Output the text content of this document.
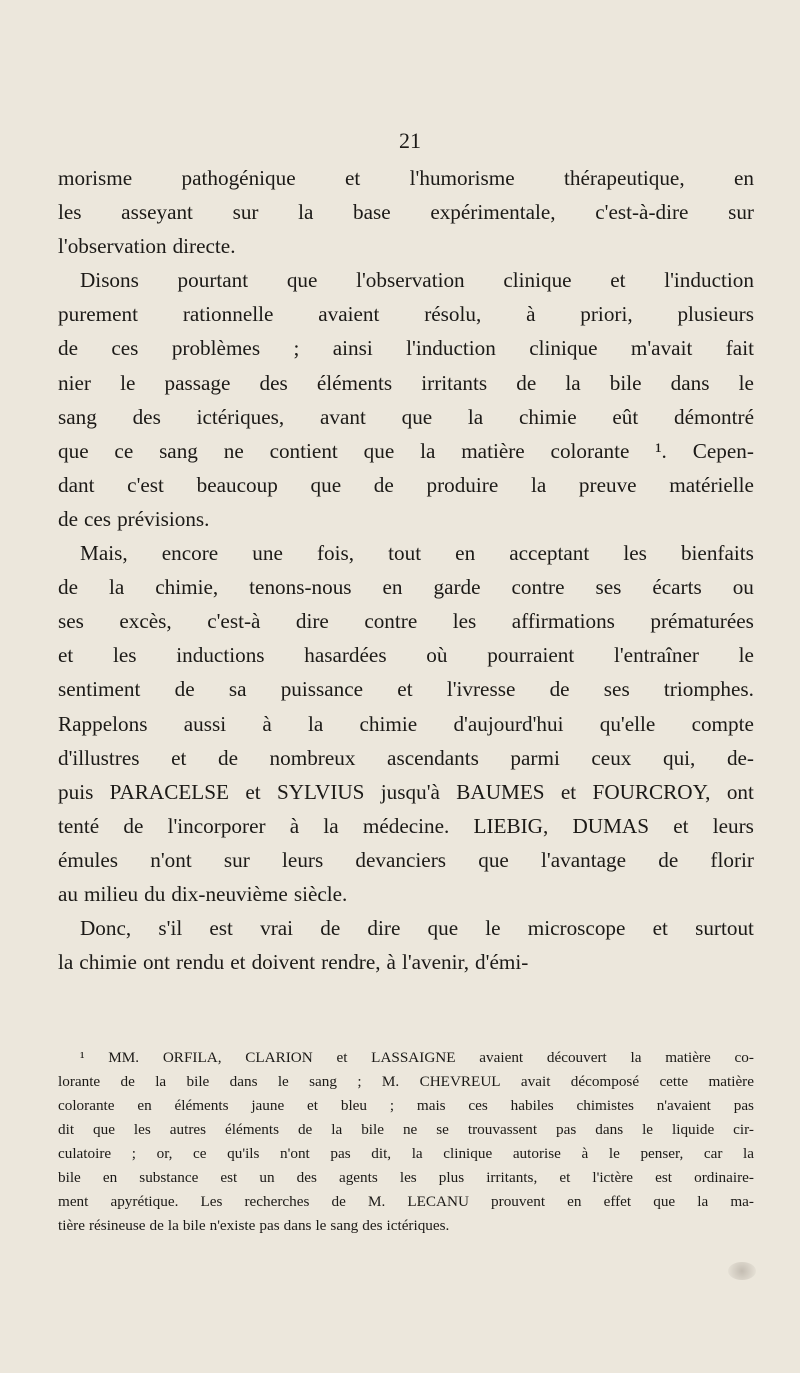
21
morisme pathogénique et l'humorisme thérapeutique, en
les asseyant sur la base expérimentale, c'est-à-dire sur
l'observation directe.
Disons pourtant que l'observation clinique et l'induction
purement rationnelle avaient résolu, à priori, plusieurs
de ces problèmes ; ainsi l'induction clinique m'avait fait
nier le passage des éléments irritants de la bile dans le
sang des ictériques, avant que la chimie eût démontré
que ce sang ne contient que la matière colorante ¹. Cepen-
dant c'est beaucoup que de produire la preuve matérielle
de ces prévisions.
Mais, encore une fois, tout en acceptant les bienfaits
de la chimie, tenons-nous en garde contre ses écarts ou
ses excès, c'est-à dire contre les affirmations prématurées
et les inductions hasardées où pourraient l'entraîner le
sentiment de sa puissance et l'ivresse de ses triomphes.
Rappelons aussi à la chimie d'aujourd'hui qu'elle compte
d'illustres et de nombreux ascendants parmi ceux qui, de-
puis PARACELSE et SYLVIUS jusqu'à BAUMES et FOURCROY, ont
tenté de l'incorporer à la médecine. LIEBIG, DUMAS et leurs
émules n'ont sur leurs devanciers que l'avantage de florir
au milieu du dix-neuvième siècle.
Donc, s'il est vrai de dire que le microscope et surtout
la chimie ont rendu et doivent rendre, à l'avenir, d'émi-
¹ MM. ORFILA, CLARION et LASSAIGNE avaient découvert la matière co-
lorante de la bile dans le sang ; M. CHEVREUL avait décomposé cette matière
colorante en éléments jaune et bleu ; mais ces habiles chimistes n'avaient pas
dit que les autres éléments de la bile ne se trouvassent pas dans le liquide cir-
culatoire ; or, ce qu'ils n'ont pas dit, la clinique autorise à le penser, car la
bile en substance est un des agents les plus irritants, et l'ictère est ordinaire-
ment apyrétique. Les recherches de M. LECANU prouvent en effet que la ma-
tière résineuse de la bile n'existe pas dans le sang des ictériques.
